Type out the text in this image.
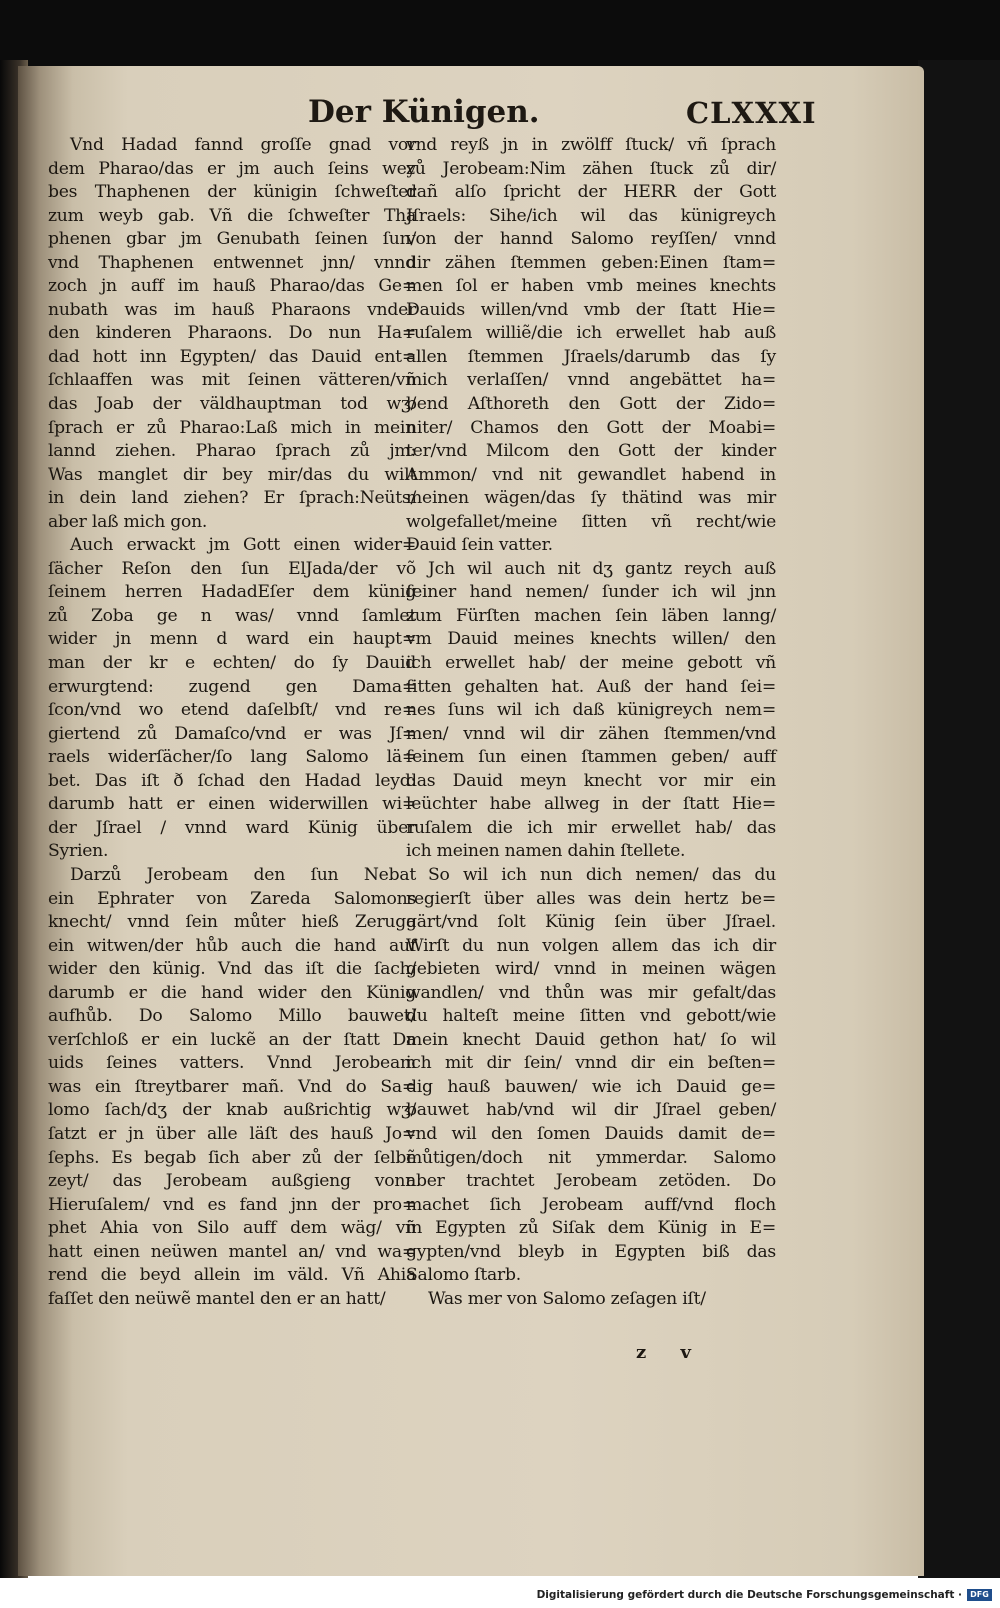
Der Künigen.	CLXXXI

Vnd Hadad fannd groſſe gnad vor
dem Pharao/das er jm auch ſeins wey
bes Thaphenen der künigin ſchweſter
zum weyb gab. Vñ die ſchweſter Tha
phenen gbar jm Genubath ſeinen ſun/
vnd Thaphenen entwennet jnn/ vnnd
zoch jn auff im hauß Pharao/das Ge=
nubath was im hauß Pharaons vnder
den kinderen Pharaons. Do nun Ha=
dad hott inn Egypten/ das Dauid ent=
ſchlaaffen was mit ſeinen vätteren/vñ
das Joab der väldhauptman tod wʒ/
ſprach er zů Pharao:Laß mich in mein
lannd ziehen. Pharao ſprach zů jm:
Was manglet dir bey mir/das du wilt
in dein land ziehen? Er ſprach:Neüts/
aber laß mich gon.
Auch erwackt jm Gott einen wider=
ſächer Reſon den ſun ElJada/der võ
ſeinem herren HadadEſer dem künig
zů Zoba ge n was/ vnnd ſamlet
wider jn menn d ward ein haupt=
man der kr e echten/ do ſy Dauid
erwurgtend: zugend gen Dama=
ſcon/vnd wo etend daſelbſt/ vnd re=
giertend zů Damaſco/vnd er was Jſ=
raels widerſächer/ſo lang Salomo lä=
bet. Das iſt ð ſchad den Hadad leyd:
darumb hatt er einen widerwillen wi=
der Jſrael / vnnd ward Künig über
Syrien.
Darzů Jerobeam den ſun Nebat
ein Ephrater von Zareda Salomons
knecht/ vnnd ſein můter hieß Zeruga
ein witwen/der hůb auch die hand auf
wider den künig. Vnd das iſt die ſach/
darumb er die hand wider den Künig
aufhůb. Do Salomo Millo bauwet/
verſchloß er ein luckẽ an der ſtatt Da
uids ſeines vatters. Vnnd Jerobeam
was ein ſtreytbarer mañ. Vnd do Sa=
lomo ſach/dʒ der knab außrichtig wʒ/
ſatzt er jn über alle läſt des hauß Jo=
ſephs. Es begab ſich aber zů der ſelbẽ
zeyt/ das Jerobeam außgieng vonn
Hieruſalem/ vnd es fand jnn der pro=
phet Ahia von Silo auff dem wäg/ vñ
hatt einen neüwen mantel an/ vnd wa=
rend die beyd allein im väld. Vñ Ahia
faſſet den neüwẽ mantel den er an hatt/
vnd reyß jn in zwölff ſtuck/ vñ ſprach
zů Jerobeam:Nim zähen ſtuck zů dir/
dañ alſo ſpricht der HERR der Gott
Jſraels: Sihe/ich wil das künigreych
von der hannd Salomo reyſſen/ vnnd
dir zähen ſtemmen geben:Einen ſtam=
men ſol er haben vmb meines knechts
Dauids willen/vnd vmb der ſtatt Hie=
ruſalem williẽ/die ich erwellet hab auß
allen ſtemmen Jſraels/darumb das ſy
mich verlaſſen/ vnnd angebättet ha=
bend Aſthoreth den Gott der Zido=
niter/ Chamos den Gott der Moabi=
ter/vnd Milcom den Gott der kinder
Ammon/ vnd nit gewandlet habend in
meinen wägen/das ſy thätind was mir
wolgefallet/meine ſitten vñ recht/wie
Dauid ſein vatter.
Jch wil auch nit dʒ gantz reych auß
ſeiner hand nemen/ ſunder ich wil jnn
zum Fürſten machen ſein läben lanng/
vm Dauid meines knechts willen/ den
ich erwellet hab/ der meine gebott vñ
ſitten gehalten hat. Auß der hand ſei=
nes ſuns wil ich daß künigreych nem=
men/ vnnd wil dir zähen ſtemmen/vnd
ſeinem ſun einen ſtammen geben/ auff
das Dauid meyn knecht vor mir ein
leüchter habe allweg in der ſtatt Hie=
ruſalem die ich mir erwellet hab/ das
ich meinen namen dahin ſtellete.
So wil ich nun dich nemen/ das du
regierſt über alles was dein hertz be=
gärt/vnd ſolt Künig ſein über Jſrael.
Wirſt du nun volgen allem das ich dir
gebieten wird/ vnnd in meinen wägen
wandlen/ vnd thůn was mir gefalt/das
du halteſt meine ſitten vnd gebott/wie
mein knecht Dauid gethon hat/ ſo wil
ich mit dir ſein/ vnnd dir ein beſten=
dig hauß bauwen/ wie ich Dauid ge=
bauwet hab/vnd wil dir Jſrael geben/
vnd wil den ſomen Dauids damit de=
můtigen/doch nit ymmerdar. Salomo
aber trachtet Jerobeam zetöden. Do
machet ſich Jerobeam auff/vnd floch
in Egypten zů Siſak dem Künig in E=
gypten/vnd bleyb in Egypten biß das
Salomo ſtarb.
Was mer von Salomo zeſagen iſt/

z v

Digitalisierung gefördert durch die Deutsche Forschungsgemeinschaft ·	DFG
